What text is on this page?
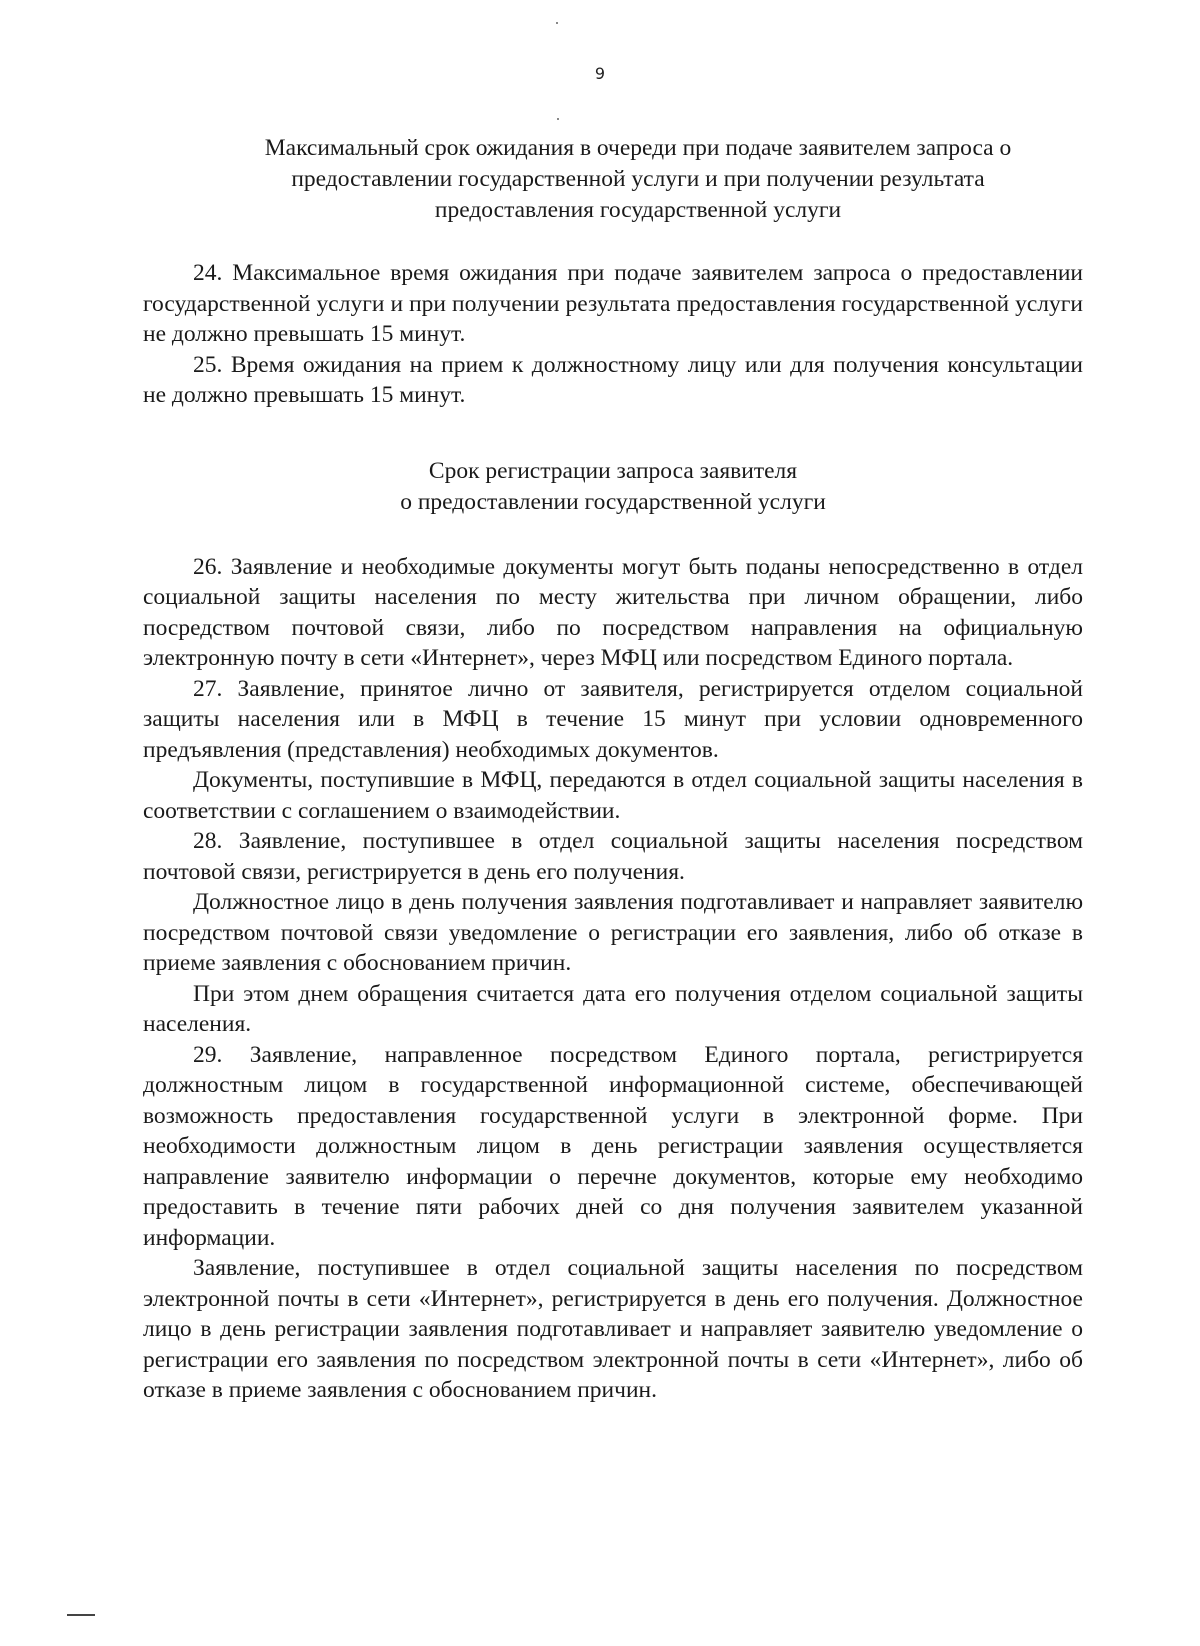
9
Максимальный срок ожидания в очереди при подаче заявителем запроса о
предоставлении государственной услуги и при получении результата
предоставления государственной услуги

24. Максимальное время ожидания при подаче заявителем запроса о предоставлении государственной услуги и при получении результата предоставления государственной услуги не должно превышать 15 минут.

25. Время ожидания на прием к должностному лицу или для получения консультации не должно превышать 15 минут.

Срок регистрации запроса заявителя
о предоставлении государственной услуги

26. Заявление и необходимые документы могут быть поданы непосредственно в отдел социальной защиты населения по месту жительства при личном обращении, либо посредством почтовой связи, либо по посредством направления на официальную электронную почту в сети «Интернет», через МФЦ или посредством Единого портала.

27. Заявление, принятое лично от заявителя, регистрируется отделом социальной защиты населения или в МФЦ в течение 15 минут при условии одновременного предъявления (представления) необходимых документов.

Документы, поступившие в МФЦ, передаются в отдел социальной защиты населения в соответствии с соглашением о взаимодействии.

28. Заявление, поступившее в отдел социальной защиты населения посредством почтовой связи, регистрируется в день его получения.

Должностное лицо в день получения заявления подготавливает и направляет заявителю посредством почтовой связи уведомление о регистрации его заявления, либо об отказе в приеме заявления с обоснованием причин.

При этом днем обращения считается дата его получения отделом социальной защиты населения.

29. Заявление, направленное посредством Единого портала, регистрируется должностным лицом в государственной информационной системе, обеспечивающей возможность предоставления государственной услуги в электронной форме. При необходимости должностным лицом в день регистрации заявления осуществляется направление заявителю информации о перечне документов, которые ему необходимо предоставить в течение пяти рабочих дней со дня получения заявителем указанной информации.

Заявление, поступившее в отдел социальной защиты населения по посредством электронной почты в сети «Интернет», регистрируется в день его получения. Должностное лицо в день регистрации заявления подготавливает и направляет заявителю уведомление о регистрации его заявления по посредством электронной почты в сети «Интернет», либо об отказе в приеме заявления с обоснованием причин.
